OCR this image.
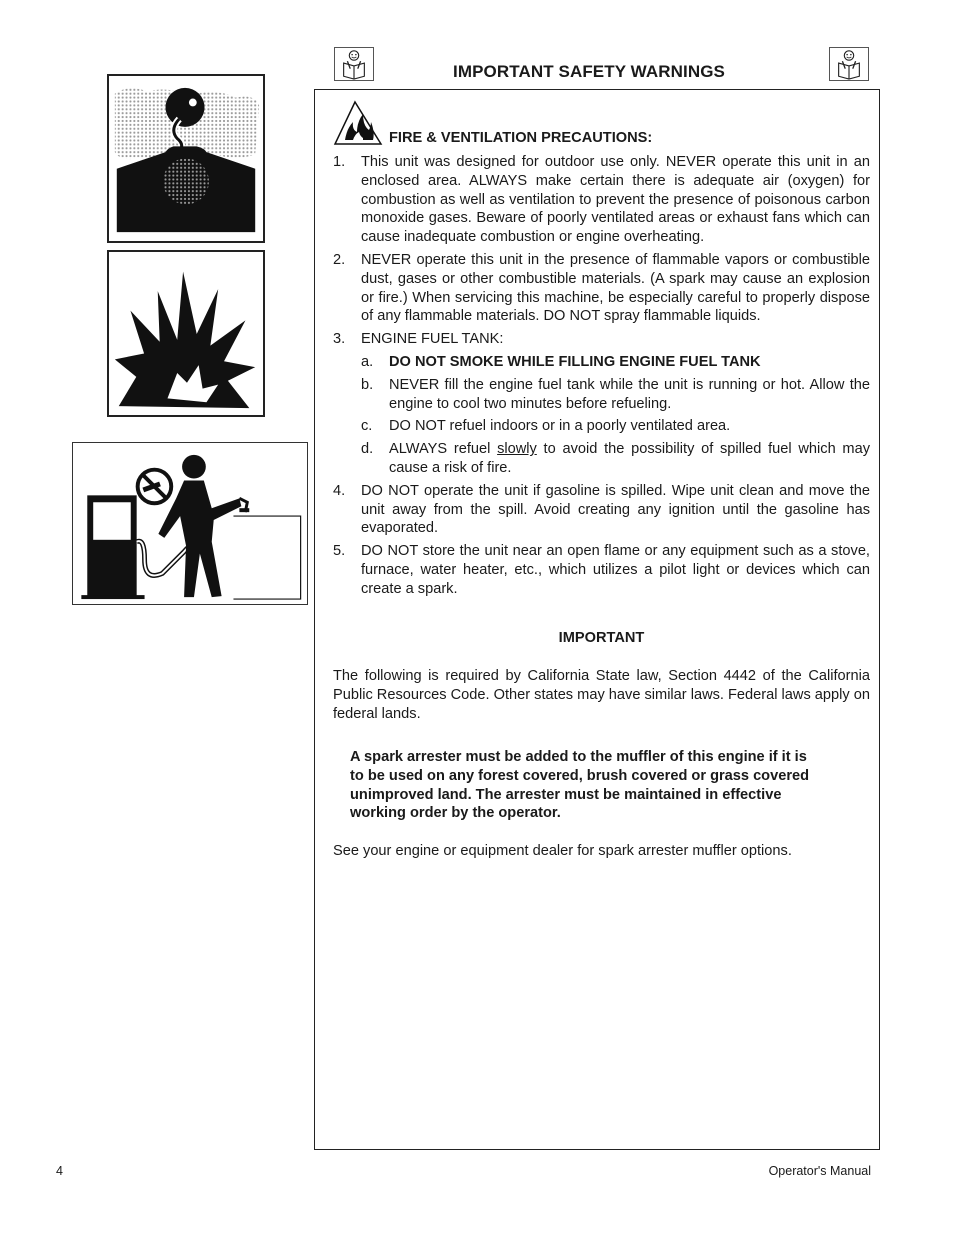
IMPORTANT SAFETY WARNINGS
FIRE & VENTILATION PRECAUTIONS:
1.	This unit was designed for outdoor use only. NEVER operate this unit in an enclosed area. ALWAYS make certain there is adequate air (oxygen) for combustion as well as ventilation to prevent the presence of poisonous carbon monoxide gases. Beware of poorly ventilated areas or exhaust fans which can cause inadequate combustion or engine overheating.
2.	NEVER operate this unit in the presence of flammable vapors or combustible dust, gases or other combustible materials. (A spark may cause an explosion or fire.) When servicing this machine, be especially careful to properly dispose of any flammable materials. DO NOT spray flammable liquids.
3.	ENGINE FUEL TANK:
a.	DO NOT SMOKE WHILE FILLING ENGINE FUEL TANK
b.	NEVER fill the engine fuel tank while the unit is running or hot. Allow the engine to cool two minutes before refueling.
c.	DO NOT refuel indoors or in a poorly ventilated area.
d.	ALWAYS refuel slowly to avoid the possibility of spilled fuel which may cause a risk of fire.
4.	DO NOT operate the unit if gasoline is spilled. Wipe unit clean and move the unit away from the spill. Avoid creating any ignition until the gasoline has evaporated.
5.	DO NOT store the unit near an open flame or any equipment such as a stove, furnace, water heater, etc., which utilizes a pilot light or devices which can create a spark.
IMPORTANT
The following is required by California State law, Section 4442 of the California Public Resources Code. Other states may have similar laws. Federal laws apply on federal lands.
A spark arrester must be added to the muffler of this engine if it is
to be used on any forest covered, brush covered or grass covered
unimproved land. The arrester must be maintained in effective
working order by the operator.
See your engine or equipment dealer for spark arrester muffler options.
4	Operator's Manual
